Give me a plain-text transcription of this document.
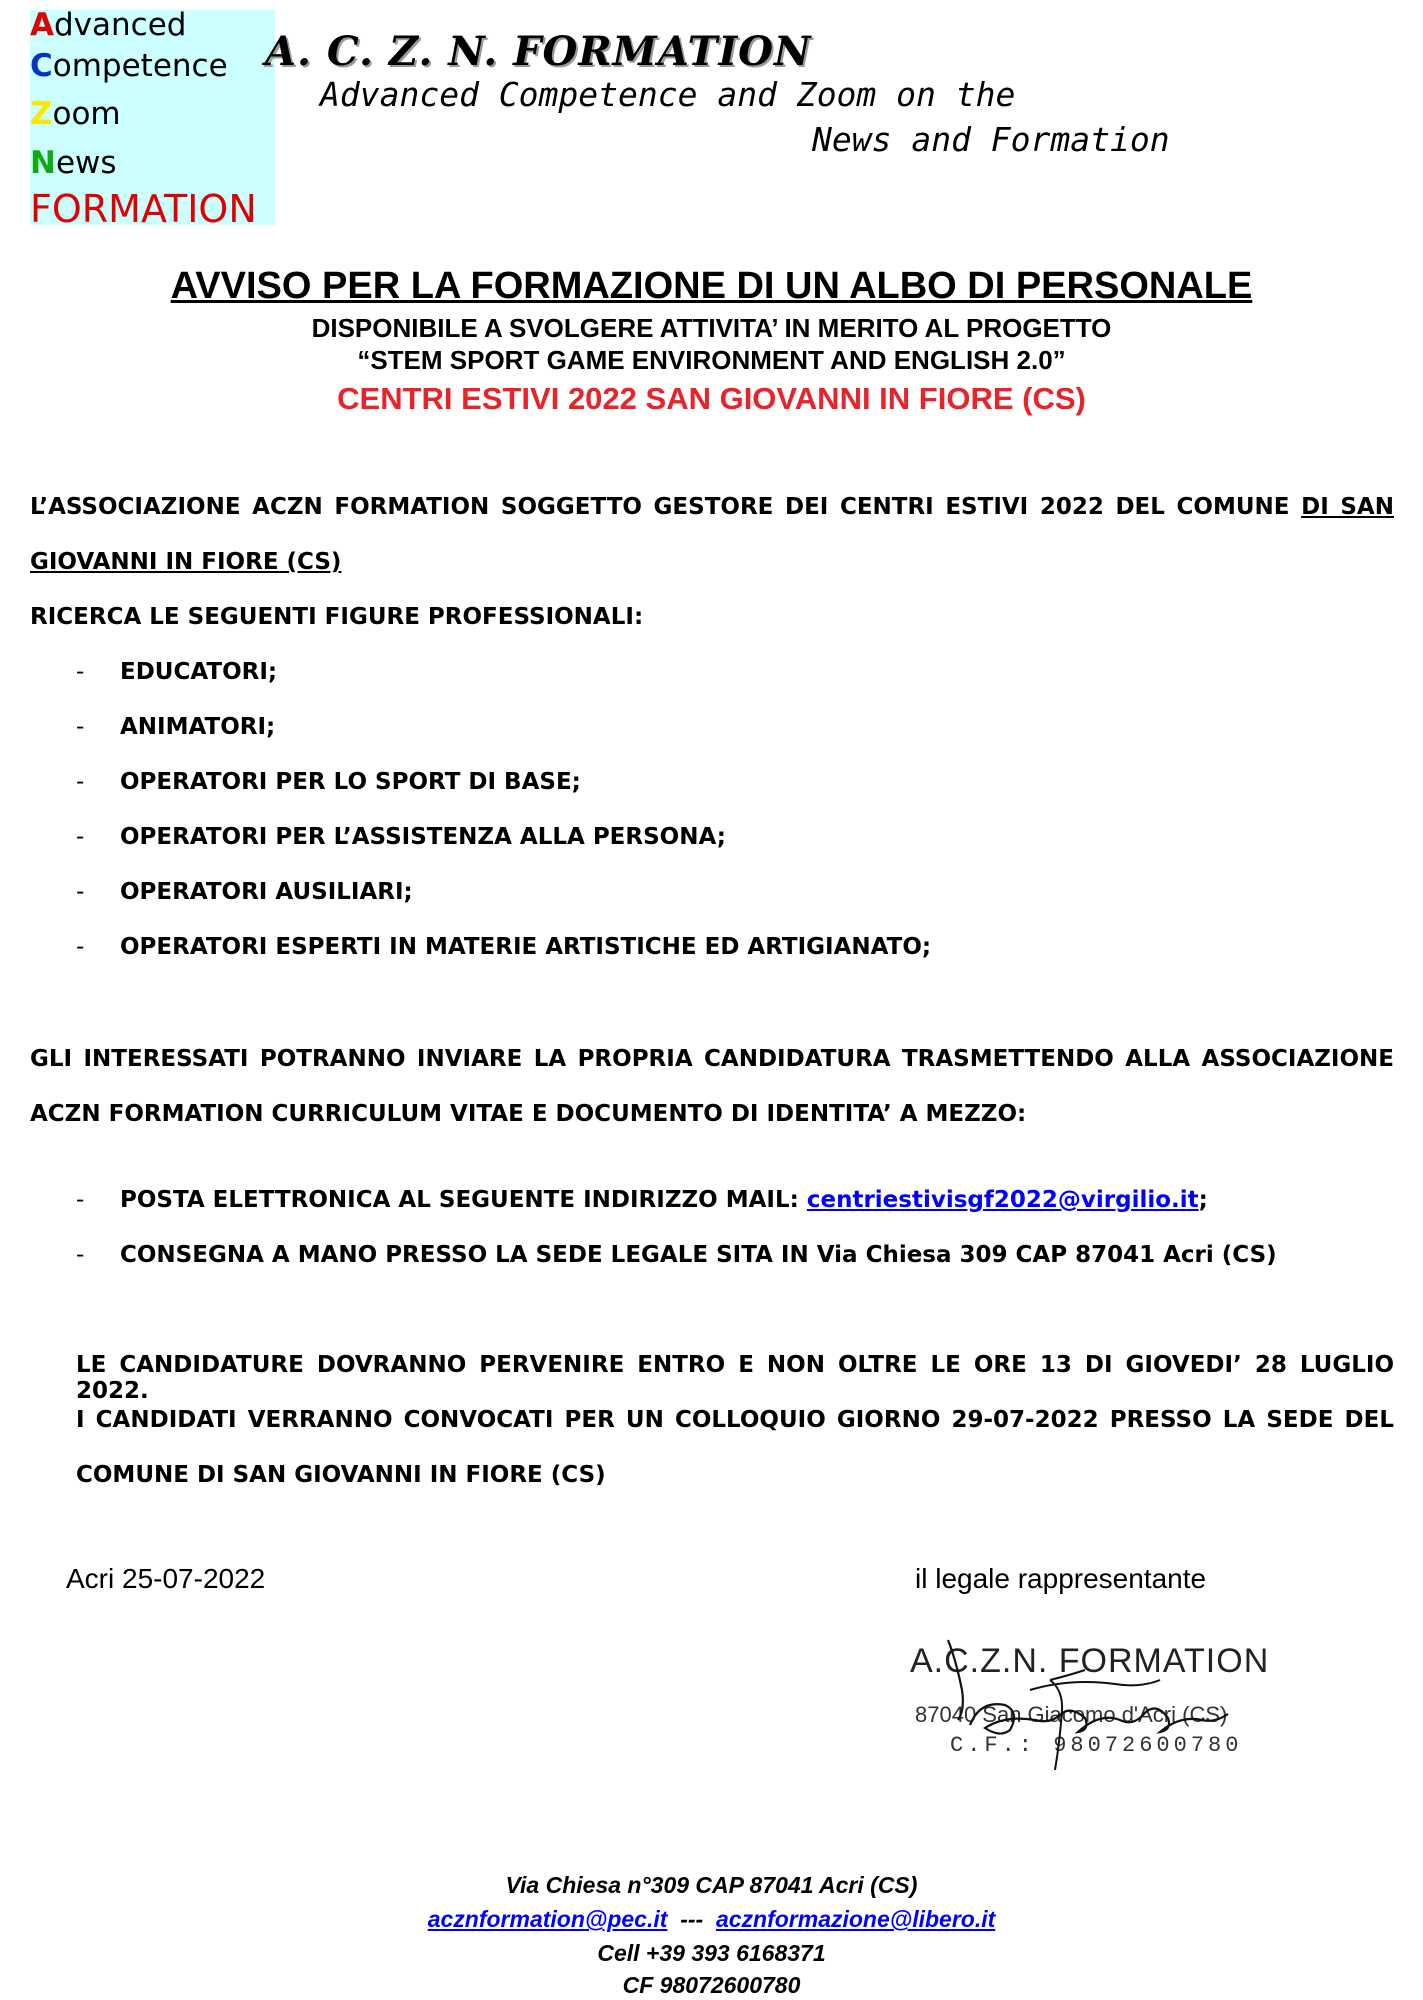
Advanced
Competence
Zoom
News
FORMATION
A. C. Z. N. FORMATION
Advanced Competence and Zoom on the
News and Formation
AVVISO PER LA FORMAZIONE DI UN ALBO DI PERSONALE
DISPONIBILE A SVOLGERE ATTIVITA’ IN MERITO AL PROGETTO
“STEM SPORT GAME ENVIRONMENT AND ENGLISH 2.0”
CENTRI ESTIVI 2022 SAN GIOVANNI IN FIORE (CS)
L’ASSOCIAZIONE ACZN FORMATION SOGGETTO GESTORE DEI CENTRI ESTIVI 2022 DEL COMUNE DI SAN
GIOVANNI IN FIORE (CS)
RICERCA LE SEGUENTI FIGURE PROFESSIONALI:
- EDUCATORI;
- ANIMATORI;
- OPERATORI PER LO SPORT DI BASE;
- OPERATORI PER L’ASSISTENZA ALLA PERSONA;
- OPERATORI AUSILIARI;
- OPERATORI ESPERTI IN MATERIE ARTISTICHE ED ARTIGIANATO;
GLI INTERESSATI POTRANNO INVIARE LA PROPRIA CANDIDATURA TRASMETTENDO ALLA ASSOCIAZIONE
ACZN FORMATION CURRICULUM VITAE E DOCUMENTO DI IDENTITA’ A MEZZO:
- POSTA ELETTRONICA AL SEGUENTE INDIRIZZO MAIL: centriestivisgf2022@virgilio.it;
- CONSEGNA A MANO PRESSO LA SEDE LEGALE SITA IN Via Chiesa 309 CAP 87041 Acri (CS)
LE CANDIDATURE DOVRANNO PERVENIRE ENTRO E NON OLTRE LE ORE 13 DI GIOVEDI’ 28 LUGLIO 2022.
I CANDIDATI VERRANNO CONVOCATI PER UN COLLOQUIO GIORNO 29-07-2022 PRESSO LA SEDE DEL
COMUNE DI SAN GIOVANNI IN FIORE (CS)
Acri 25-07-2022	il legale rappresentante
A.C.Z.N. FORMATION
87040 San Giacomo d'Acri (CS)
C.F.: 98072600780
Via Chiesa n°309 CAP 87041 Acri (CS)
acznformation@pec.it --- acznformazione@libero.it
Cell +39 393 6168371
CF 98072600780
